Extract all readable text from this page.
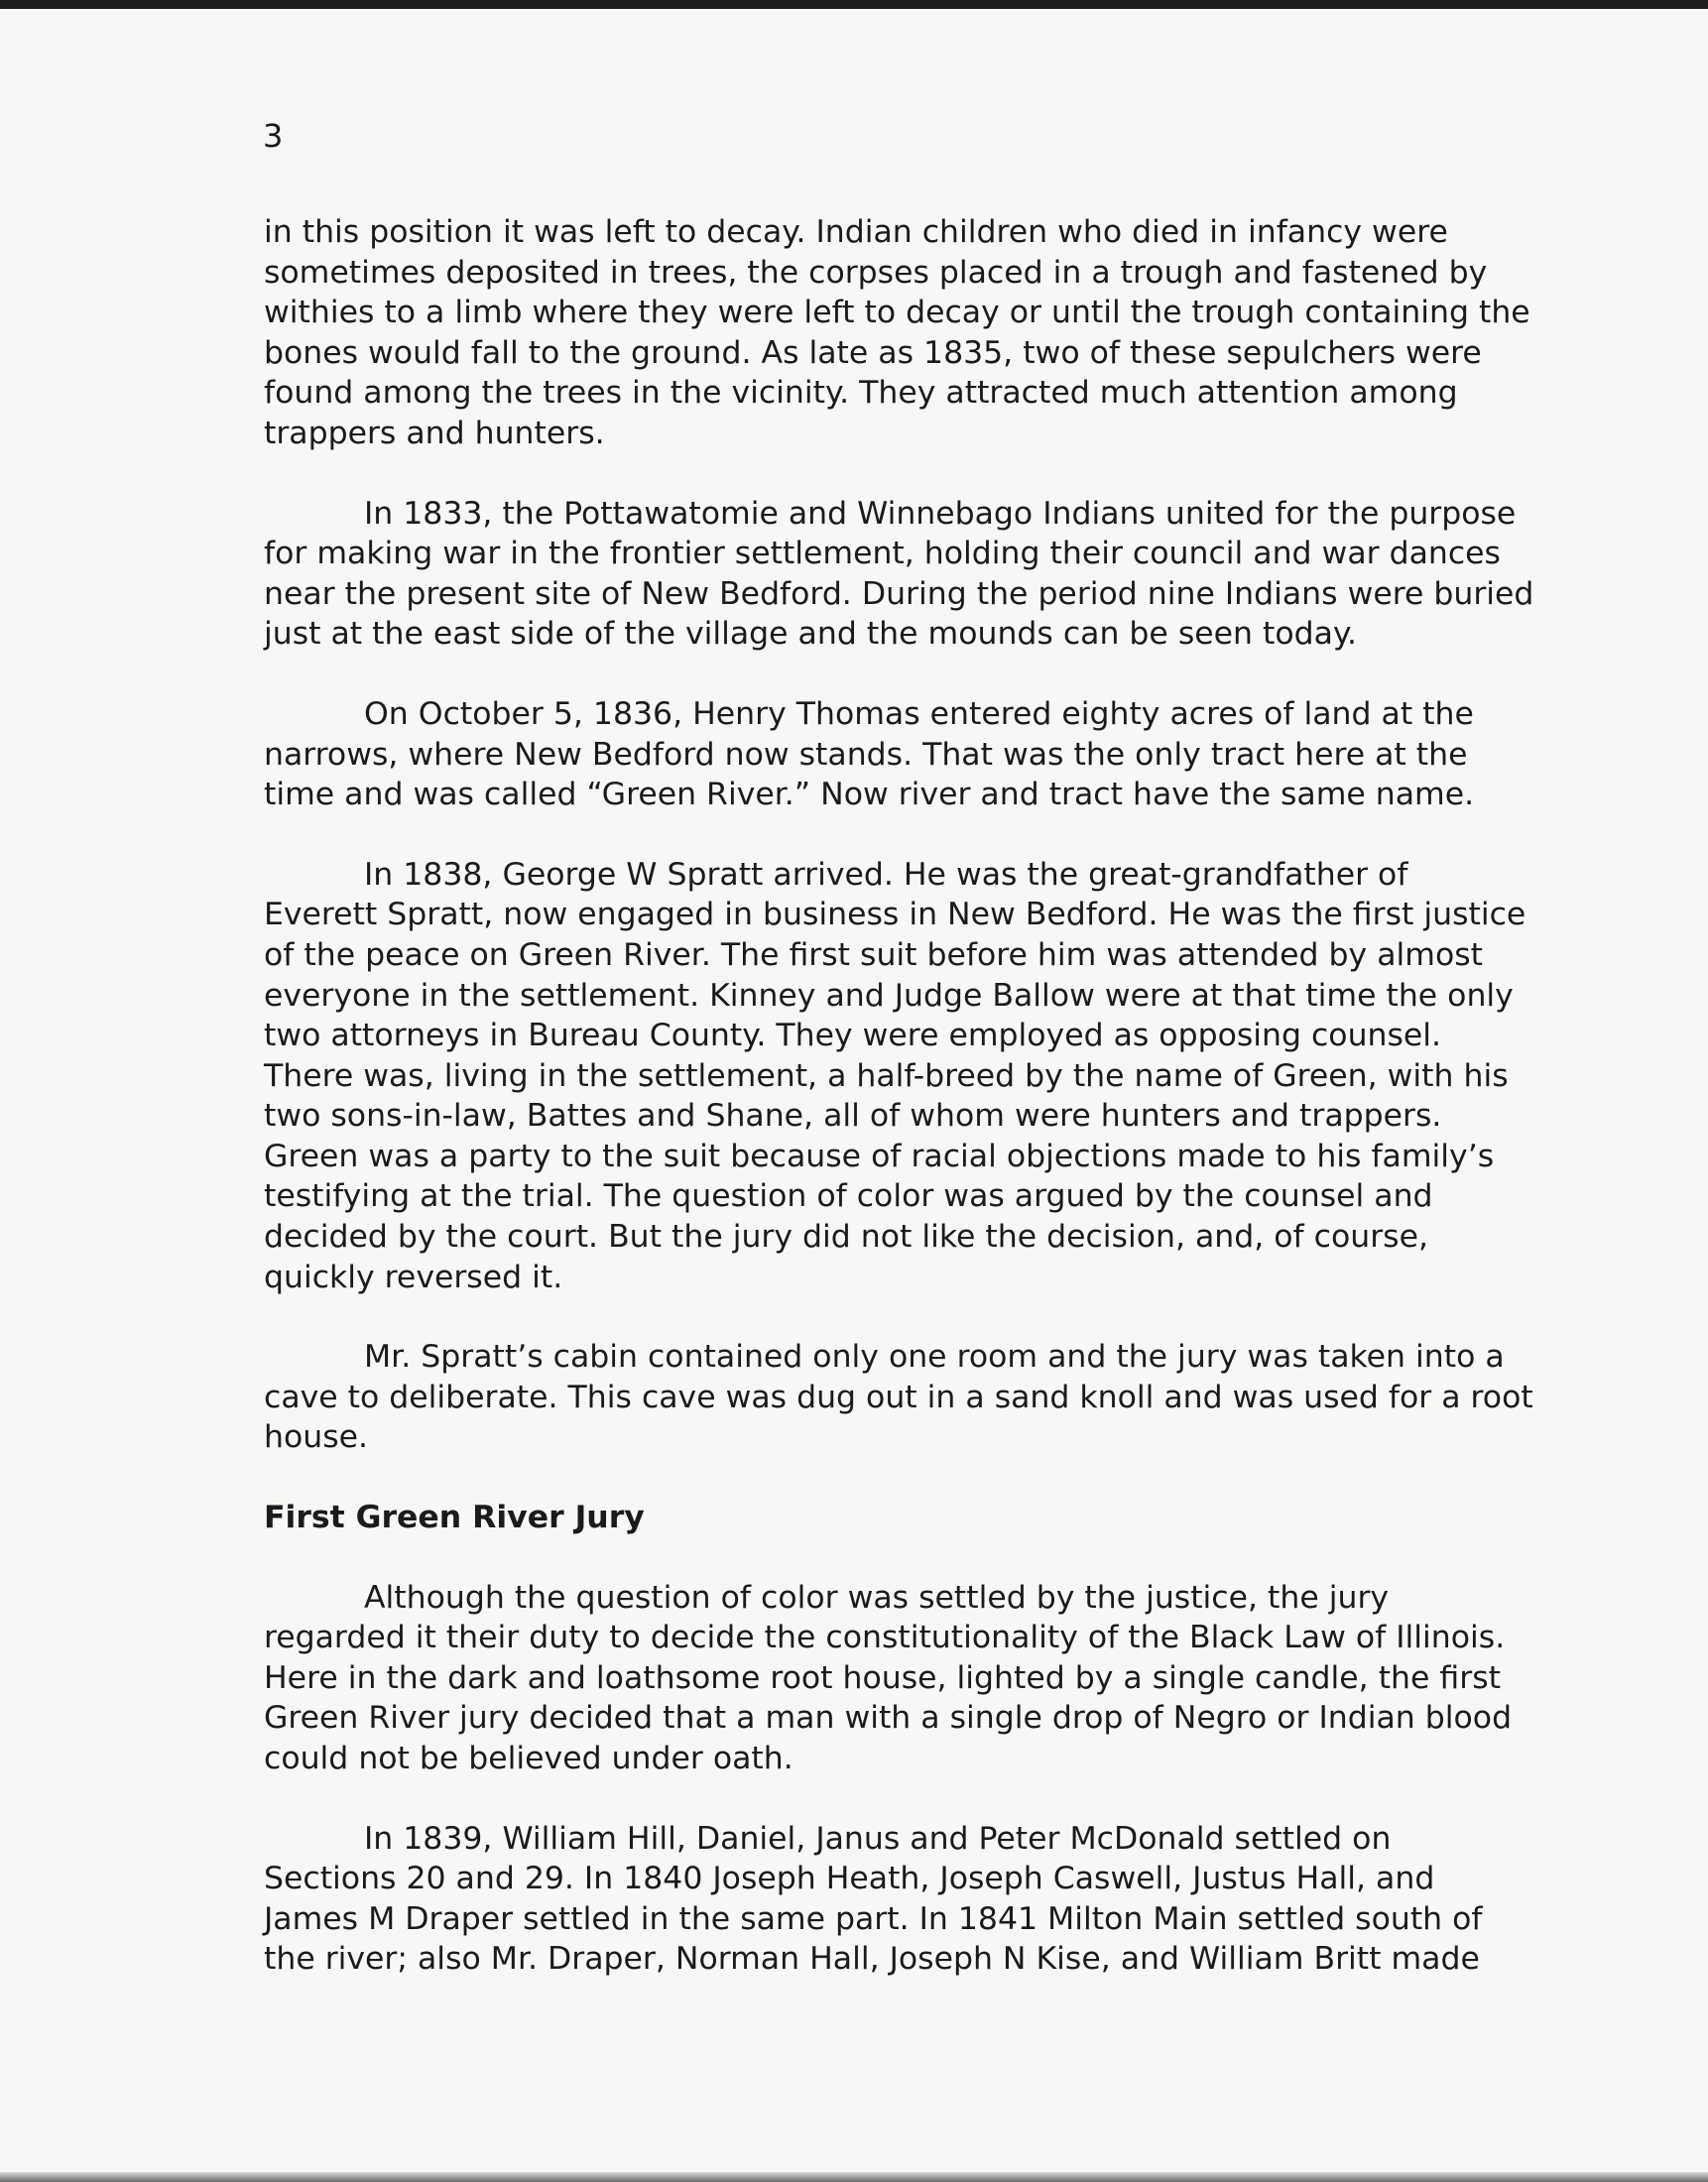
3

in this position it was left to decay. Indian children who died in infancy were
sometimes deposited in trees, the corpses placed in a trough and fastened by
withies to a limb where they were left to decay or until the trough containing the
bones would fall to the ground. As late as 1835, two of these sepulchers were
found among the trees in the vicinity. They attracted much attention among
trappers and hunters.

In 1833, the Pottawatomie and Winnebago Indians united for the purpose
for making war in the frontier settlement, holding their council and war dances
near the present site of New Bedford. During the period nine Indians were buried
just at the east side of the village and the mounds can be seen today.

On October 5, 1836, Henry Thomas entered eighty acres of land at the
narrows, where New Bedford now stands. That was the only tract here at the
time and was called “Green River.” Now river and tract have the same name.

In 1838, George W Spratt arrived. He was the great-grandfather of
Everett Spratt, now engaged in business in New Bedford. He was the first justice
of the peace on Green River. The first suit before him was attended by almost
everyone in the settlement. Kinney and Judge Ballow were at that time the only
two attorneys in Bureau County. They were employed as opposing counsel.
There was, living in the settlement, a half-breed by the name of Green, with his
two sons-in-law, Battes and Shane, all of whom were hunters and trappers.
Green was a party to the suit because of racial objections made to his family’s
testifying at the trial. The question of color was argued by the counsel and
decided by the court. But the jury did not like the decision, and, of course,
quickly reversed it.

Mr. Spratt’s cabin contained only one room and the jury was taken into a
cave to deliberate. This cave was dug out in a sand knoll and was used for a root
house.

First Green River Jury

Although the question of color was settled by the justice, the jury
regarded it their duty to decide the constitutionality of the Black Law of Illinois.
Here in the dark and loathsome root house, lighted by a single candle, the first
Green River jury decided that a man with a single drop of Negro or Indian blood
could not be believed under oath.

In 1839, William Hill, Daniel, Janus and Peter McDonald settled on
Sections 20 and 29. In 1840 Joseph Heath, Joseph Caswell, Justus Hall, and
James M Draper settled in the same part. In 1841 Milton Main settled south of
the river; also Mr. Draper, Norman Hall, Joseph N Kise, and William Britt made
